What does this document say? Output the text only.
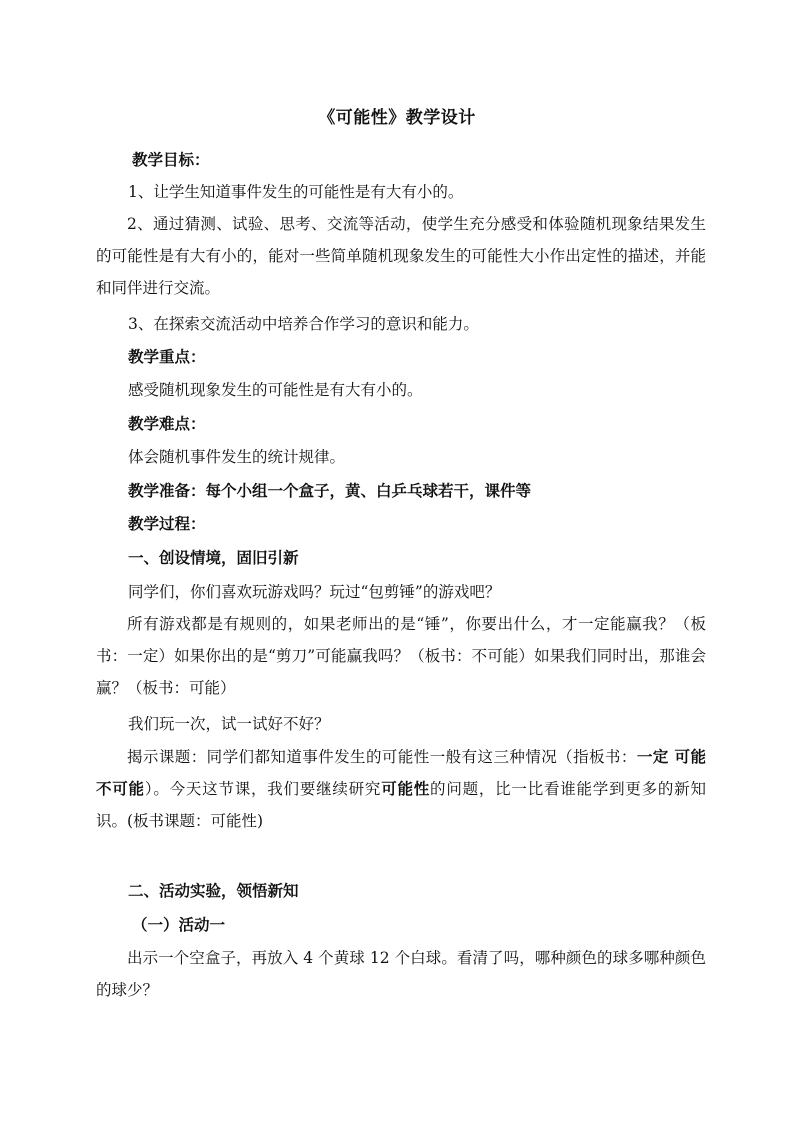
《可能性》教学设计
教学目标：
1、让学生知道事件发生的可能性是有大有小的。
2、通过猜测、试验、思考、交流等活动，使学生充分感受和体验随机现象结果发生的可能性是有大有小的，能对一些简单随机现象发生的可能性大小作出定性的描述，并能和同伴进行交流。
3、在探索交流活动中培养合作学习的意识和能力。
教学重点：
感受随机现象发生的可能性是有大有小的。
教学难点：
体会随机事件发生的统计规律。
教学准备：每个小组一个盒子，黄、白乒乓球若干，课件等
教学过程：
一、创设情境，固旧引新
同学们，你们喜欢玩游戏吗？玩过“包剪锤”的游戏吧？
所有游戏都是有规则的，如果老师出的是“锤”，你要出什么，才一定能赢我？（板书：一定）如果你出的是“剪刀”可能赢我吗？（板书：不可能）如果我们同时出，那谁会赢？（板书：可能）
我们玩一次，试一试好不好？
揭示课题：同学们都知道事件发生的可能性一般有这三种情况（指板书：一定 可能 不可能）。今天这节课，我们要继续研究可能性的问题，比一比看谁能学到更多的新知识。(板书课题：可能性)
二、活动实验，领悟新知
（一）活动一
出示一个空盒子，再放入 4 个黄球 12 个白球。看清了吗，哪种颜色的球多哪种颜色的球少？
